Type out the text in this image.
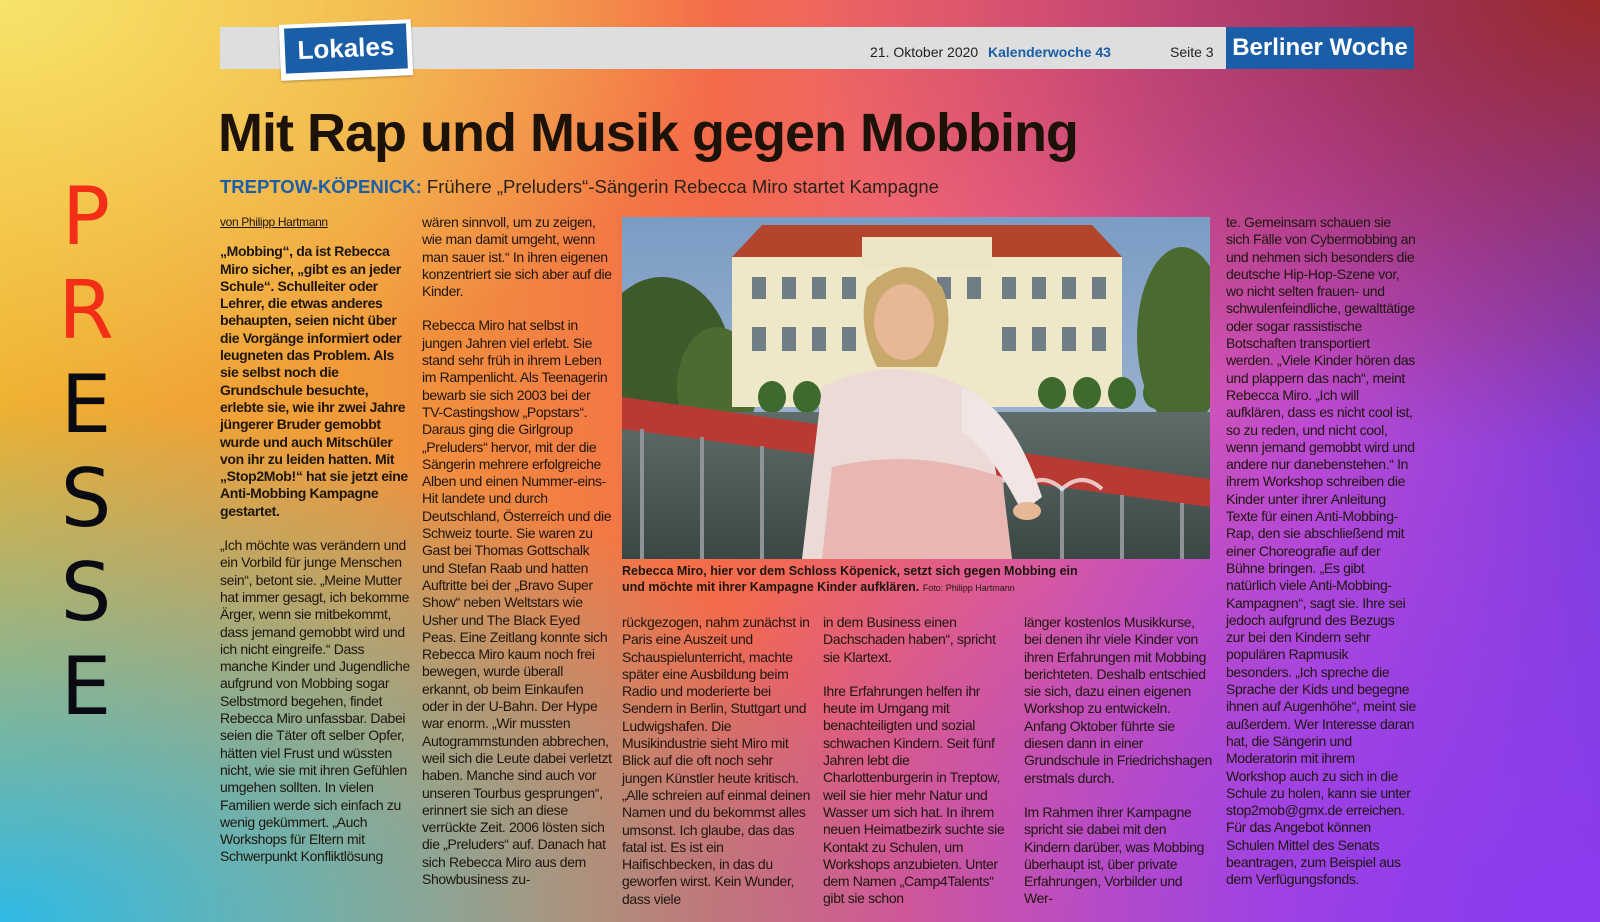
P
R
E
S
S
E
Lokales	21. Oktober 2020 Kalenderwoche 43	Seite 3 Berliner Woche
Mit Rap und Musik gegen Mobbing
TREPTOW-KÖPENICK: Frühere „Preluders“-Sängerin Rebecca Miro startet Kampagne
von Philipp Hartmann

„Mobbing“, da ist Rebecca Miro sicher, „gibt es an jeder Schule“. Schulleiter oder Lehrer, die etwas anderes behaupten, seien nicht über die Vorgänge informiert oder leugneten das Problem. Als sie selbst noch die Grundschule besuchte, erlebte sie, wie ihr zwei Jahre jüngerer Bruder gemobbt wurde und auch Mitschüler von ihr zu leiden hatten. Mit „Stop2Mob!“ hat sie jetzt eine Anti-Mobbing Kampagne gestartet.

„Ich möchte was verändern und ein Vorbild für junge Menschen sein“, betont sie. „Meine Mutter hat immer gesagt, ich bekomme Ärger, wenn sie mitbekommt, dass jemand gemobbt wird und ich nicht eingreife.“ Dass manche Kinder und Jugendliche aufgrund von Mobbing sogar Selbstmord begehen, findet Rebecca Miro unfassbar. Dabei seien die Täter oft selber Opfer, hätten viel Frust und wüssten nicht, wie sie mit ihren Gefühlen umgehen sollten. In vielen Familien werde sich einfach zu wenig gekümmert. „Auch Workshops für Eltern mit Schwerpunkt Konfliktlösung

wären sinnvoll, um zu zeigen, wie man damit umgeht, wenn man sauer ist.“ In ihren eigenen konzentriert sie sich aber auf die Kinder.

Rebecca Miro hat selbst in jungen Jahren viel erlebt. Sie stand sehr früh in ihrem Leben im Rampenlicht. Als Teenagerin bewarb sie sich 2003 bei der TV-Castingshow „Popstars“. Daraus ging die Girlgroup „Preluders“ hervor, mit der die Sängerin mehrere erfolgreiche Alben und einen Nummer-eins-Hit landete und durch Deutschland, Österreich und die Schweiz tourte. Sie waren zu Gast bei Thomas Gottschalk und Stefan Raab und hatten Auftritte bei der „Bravo Super Show“ neben Weltstars wie Usher und The Black Eyed Peas. Eine Zeitlang konnte sich Rebecca Miro kaum noch frei bewegen, wurde überall erkannt, ob beim Einkaufen oder in der U-Bahn. Der Hype war enorm. „Wir mussten Autogrammstunden abbrechen, weil sich die Leute dabei verletzt haben. Manche sind auch vor unseren Tourbus gesprungen“, erinnert sie sich an diese verrückte Zeit. 2006 lösten sich die „Preluders“ auf. Danach hat sich Rebecca Miro aus dem Showbusiness zu-

Rebecca Miro, hier vor dem Schloss Köpenick, setzt sich gegen Mobbing ein und möchte mit ihrer Kampagne Kinder aufklären. Foto: Philipp Hartmann

rückgezogen, nahm zunächst in Paris eine Auszeit und Schauspielunterricht, machte später eine Ausbildung beim Radio und moderierte bei Sendern in Berlin, Stuttgart und Ludwigshafen. Die Musikindustrie sieht Miro mit Blick auf die oft noch sehr jungen Künstler heute kritisch. „Alle schreien auf einmal deinen Namen und du bekommst alles umsonst. Ich glaube, das das fatal ist. Es ist ein Haifischbecken, in das du geworfen wirst. Kein Wunder, dass viele

in dem Business einen Dachschaden haben“, spricht sie Klartext.

Ihre Erfahrungen helfen ihr heute im Umgang mit benachteiligten und sozial schwachen Kindern. Seit fünf Jahren lebt die Charlottenburgerin in Treptow, weil sie hier mehr Natur und Wasser um sich hat. In ihrem neuen Heimatbezirk suchte sie Kontakt zu Schulen, um Workshops anzubieten. Unter dem Namen „Camp4Talents“ gibt sie schon

länger kostenlos Musikkurse, bei denen ihr viele Kinder von ihren Erfahrungen mit Mobbing berichteten. Deshalb entschied sie sich, dazu einen eigenen Workshop zu entwickeln. Anfang Oktober führte sie diesen dann in einer Grundschule in Friedrichshagen erstmals durch.

Im Rahmen ihrer Kampagne spricht sie dabei mit den Kindern darüber, was Mobbing überhaupt ist, über private Erfahrungen, Vorbilder und Wer-

te. Gemeinsam schauen sie sich Fälle von Cybermobbing an und nehmen sich besonders die deutsche Hip-Hop-Szene vor, wo nicht selten frauen- und schwulenfeindliche, gewalttätige oder sogar rassistische Botschaften transportiert werden. „Viele Kinder hören das und plappern das nach“, meint Rebecca Miro. „Ich will aufklären, dass es nicht cool ist, so zu reden, und nicht cool, wenn jemand gemobbt wird und andere nur danebenstehen.“ In ihrem Workshop schreiben die Kinder unter ihrer Anleitung Texte für einen Anti-Mobbing-Rap, den sie abschließend mit einer Choreografie auf der Bühne bringen. „Es gibt natürlich viele Anti-Mobbing-Kampagnen“, sagt sie. Ihre sei jedoch aufgrund des Bezugs zur bei den Kindern sehr populären Rapmusik besonders. „Ich spreche die Sprache der Kids und begegne ihnen auf Augenhöhe“, meint sie außerdem. Wer Interesse daran hat, die Sängerin und Moderatorin mit ihrem Workshop auch zu sich in die Schule zu holen, kann sie unter stop2mob@gmx.de erreichen. Für das Angebot können Schulen Mittel des Senats beantragen, zum Beispiel aus dem Verfügungsfonds.
